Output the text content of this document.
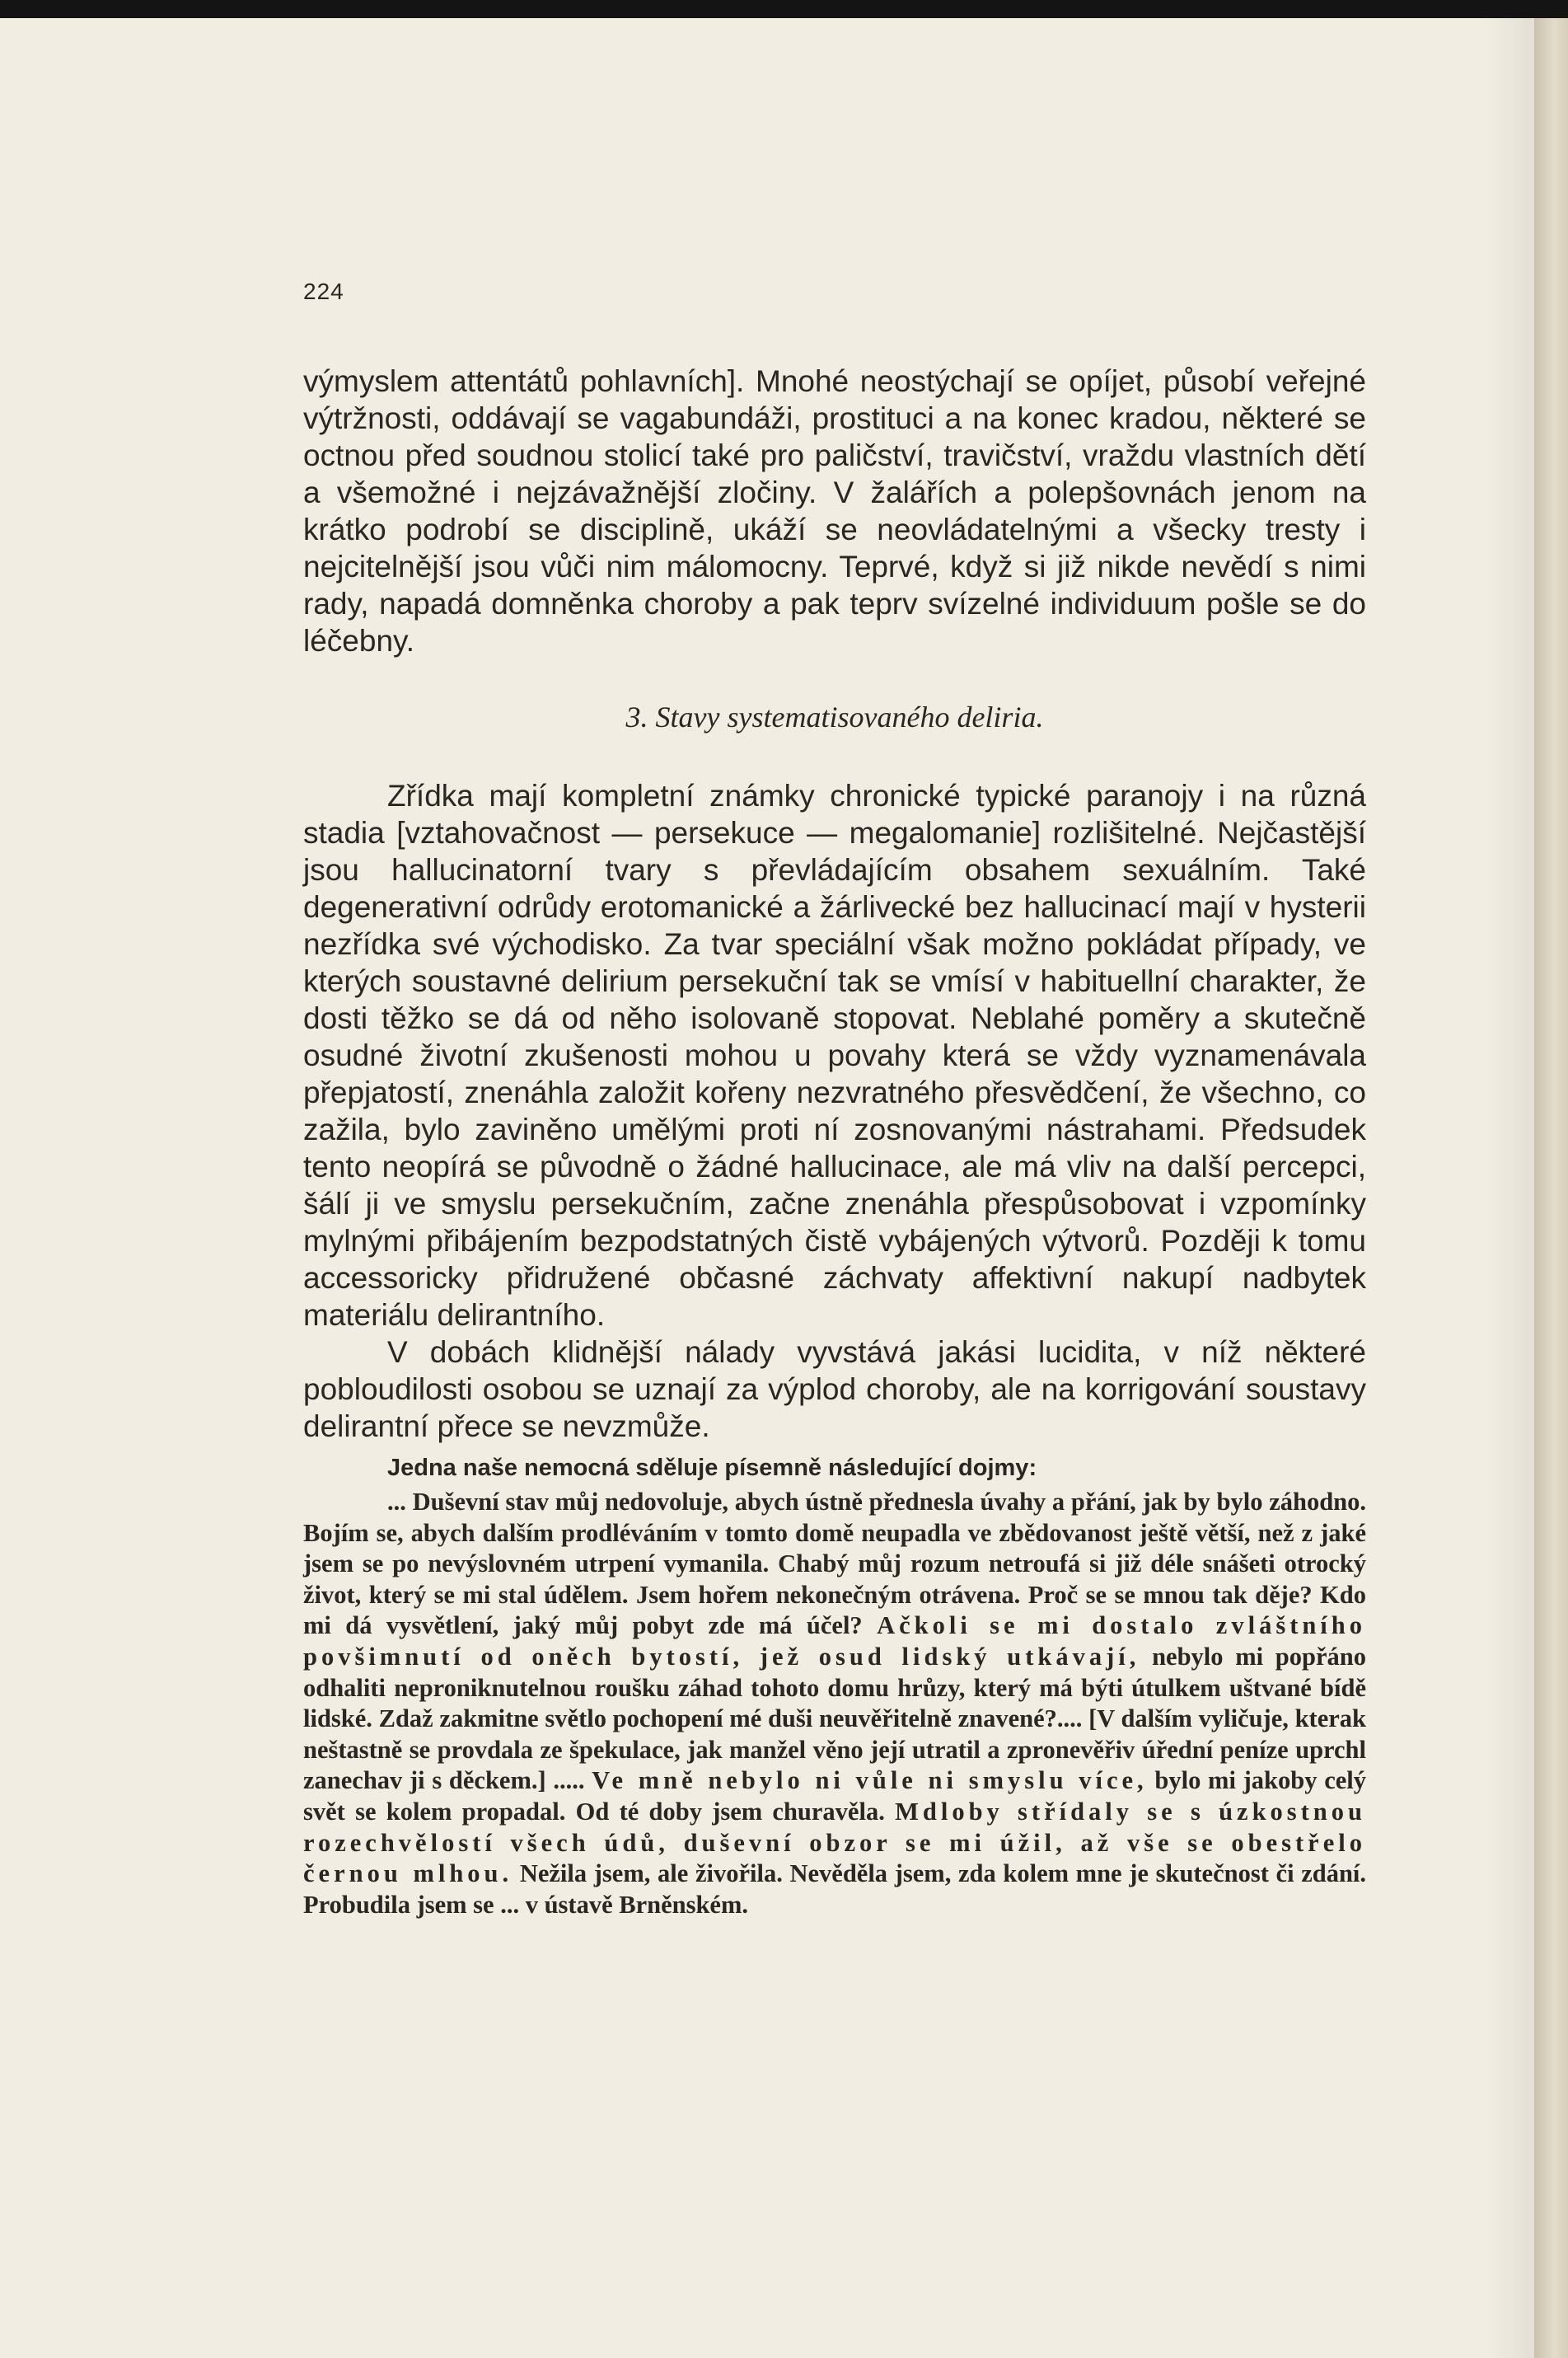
224

výmyslem attentátů pohlavních]. Mnohé neostýchají se opíjet, působí veřejné výtržnosti, oddávají se vagabundáži, prostituci a na konec kradou, některé se octnou před soudnou stolicí také pro paličství, travičství, vraždu vlastních dětí a všemožné i nejzávažnější zločiny. V žalářích a polepšovnách jenom na krátko podrobí se disciplině, ukáží se neovládatelnými a všecky tresty i nejcitelnější jsou vůči nim málomocny. Teprvé, když si již nikde nevědí s nimi rady, napadá domněnka choroby a pak teprv svízelné individuum pošle se do léčebny.

3. Stavy systematisovaného deliria.

Zřídka mají kompletní známky chronické typické paranojy i na různá stadia [vztahovačnost — persekuce — megalomanie] rozlišitelné. Nejčastější jsou hallucinatorní tvary s převládajícím obsahem sexuálním. Také degenerativní odrůdy erotomanické a žárlivecké bez hallucinací mají v hysterii nezřídka své východisko. Za tvar speciální však možno pokládat případy, ve kterých soustavné delirium persekuční tak se vmísí v habituellní charakter, že dosti těžko se dá od něho isolovaně stopovat. Neblahé poměry a skutečně osudné životní zkušenosti mohou u povahy která se vždy vyznamenávala přepjatostí, znenáhla založit kořeny nezvratného přesvědčení, že všechno, co zažila, bylo zaviněno umělými proti ní zosnovanými nástrahami. Předsudek tento neopírá se původně o žádné hallucinace, ale má vliv na další percepci, šálí ji ve smyslu persekučním, začne znenáhla přespůsobovat i vzpomínky mylnými přibájením bezpodstatných čistě vybájených výtvorů. Později k tomu accessoricky přidružené občasné záchvaty affektivní nakupí nadbytek materiálu delirantního.

V dobách klidnější nálady vyvstává jakási lucidita, v níž některé pobloudilosti osobou se uznají za výplod choroby, ale na korrigování soustavy delirantní přece se nevzmůže.

Jedna naše nemocná sděluje písemně následující dojmy:

... Duševní stav můj nedovoluje, abych ústně přednesla úvahy a přání, jak by bylo záhodno. Bojím se, abych dalším prodléváním v tomto domě neupadla ve zbědovanost ještě větší, než z jaké jsem se po nevýslovném utrpení vymanila. Chabý můj rozum netroufá si již déle snášeti otrocký život, který se mi stal údělem. Jsem hořem nekonečným otrávena. Proč se se mnou tak děje? Kdo mi dá vysvětlení, jaký můj pobyt zde má účel? Ačkoli se mi dostalo zvláštního povšimnutí od oněch bytostí, jež osud lidský utkávají, nebylo mi popřáno odhaliti neproniknutelnou roušku záhad tohoto domu hrůzy, který má býti útulkem uštvané bídě lidské. Zdaž zakmitne světlo pochopení mé duši neuvěřitelně znavené?.... [V dalším vyličuje, kterak neštastně se provdala ze špekulace, jak manžel věno její utratil a zpronevěřiv úřední peníze uprchl zanechav ji s děckem.] ..... Ve mně nebylo ni vůle ni smyslu více, bylo mi jakoby celý svět se kolem propadal. Od té doby jsem churavěla. Mdloby střídaly se s úzkostnou rozechvělostí všech údů, duševní obzor se mi úžil, až vše se obestřelo černou mlhou. Nežila jsem, ale živořila. Nevěděla jsem, zda kolem mne je skutečnost či zdání. Probudila jsem se ... v ústavě Brněnském.
